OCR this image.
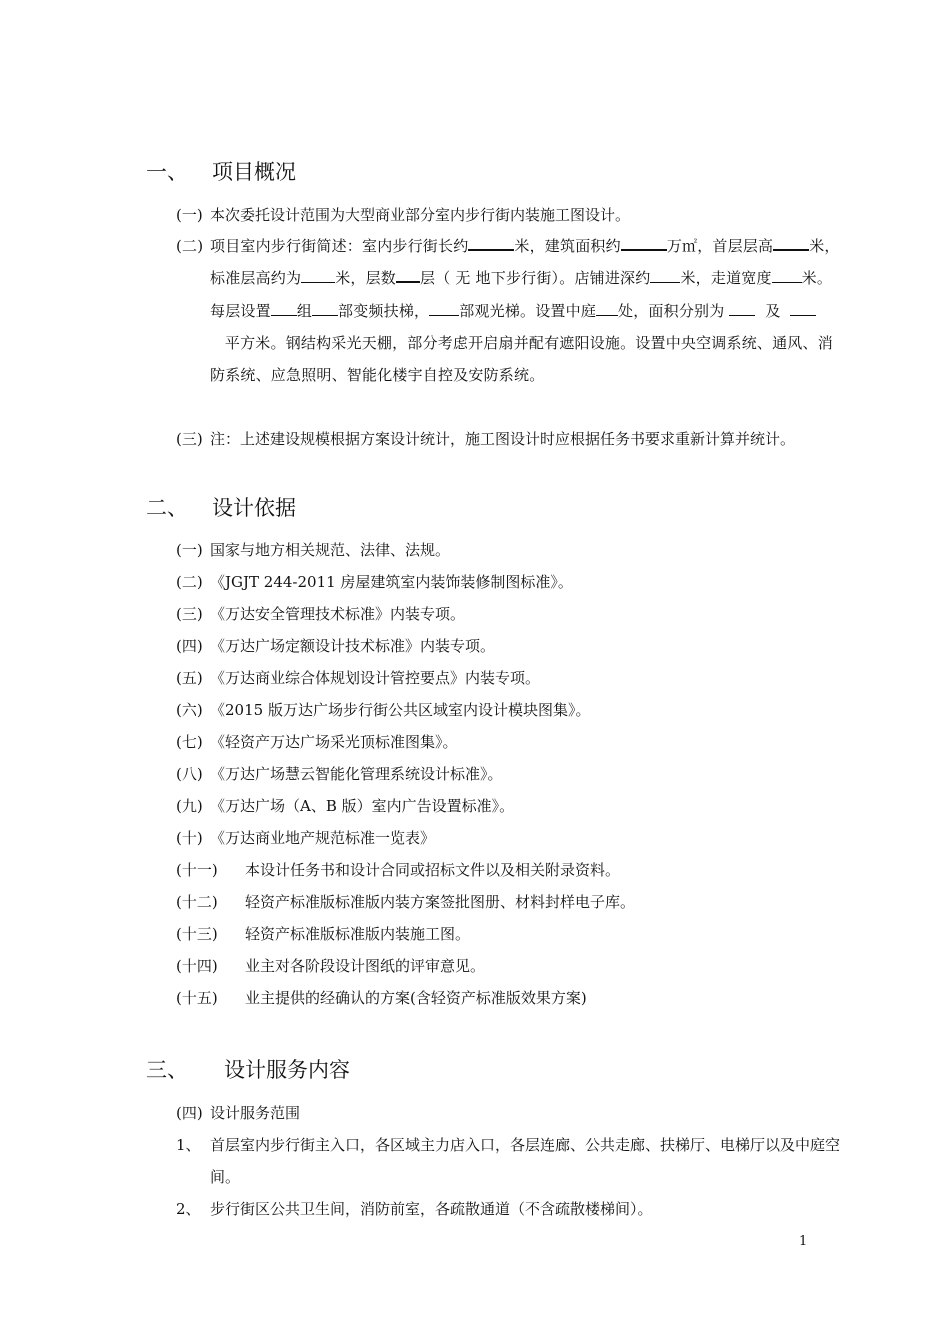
一、 项目概况
(一) 本次委托设计范围为大型商业部分室内步行街内装施工图设计。
(二) 项目室内步行街简述：室内步行街长约	米，建筑面积约	万㎡，首层层高 米，标准层高约为 米，层数 层（ 无 地下步行街）。店铺进深约 米，走道宽度 米。每层设置 组 部变频扶梯， 部观光梯。设置中庭 处，面积分别为	及     平方米。钢结构采光天棚，部分考虑开启扇并配有遮阳设施。设置中央空调系统、通风、消防系统、应急照明、智能化楼宇自控及安防系统。
(三) 注：上述建设规模根据方案设计统计，施工图设计时应根据任务书要求重新计算并统计。
二、 设计依据
(一) 国家与地方相关规范、法律、法规。
(二) 《JGJT 244-2011 房屋建筑室内装饰装修制图标准》。
(三) 《万达安全管理技术标准》内装专项。
(四) 《万达广场定额设计技术标准》内装专项。
(五) 《万达商业综合体规划设计管控要点》内装专项。
(六) 《2015 版万达广场步行街公共区域室内设计模块图集》。
(七) 《轻资产万达广场采光顶标准图集》。
(八) 《万达广场慧云智能化管理系统设计标准》。
(九) 《万达广场（A、B 版）室内广告设置标准》。
(十) 《万达商业地产规范标准一览表》
(十一) 本设计任务书和设计合同或招标文件以及相关附录资料。
(十二) 轻资产标准版标准版内装方案签批图册、材料封样电子库。
(十三) 轻资产标准版标准版内装施工图。
(十四) 业主对各阶段设计图纸的评审意见。
(十五) 业主提供的经确认的方案(含轻资产标准版效果方案)
三、 设计服务内容
(四) 设计服务范围
1、 首层室内步行街主入口，各区域主力店入口，各层连廊、公共走廊、扶梯厅、电梯厅以及中庭空间。
2、 步行街区公共卫生间，消防前室，各疏散通道（不含疏散楼梯间）。
1
